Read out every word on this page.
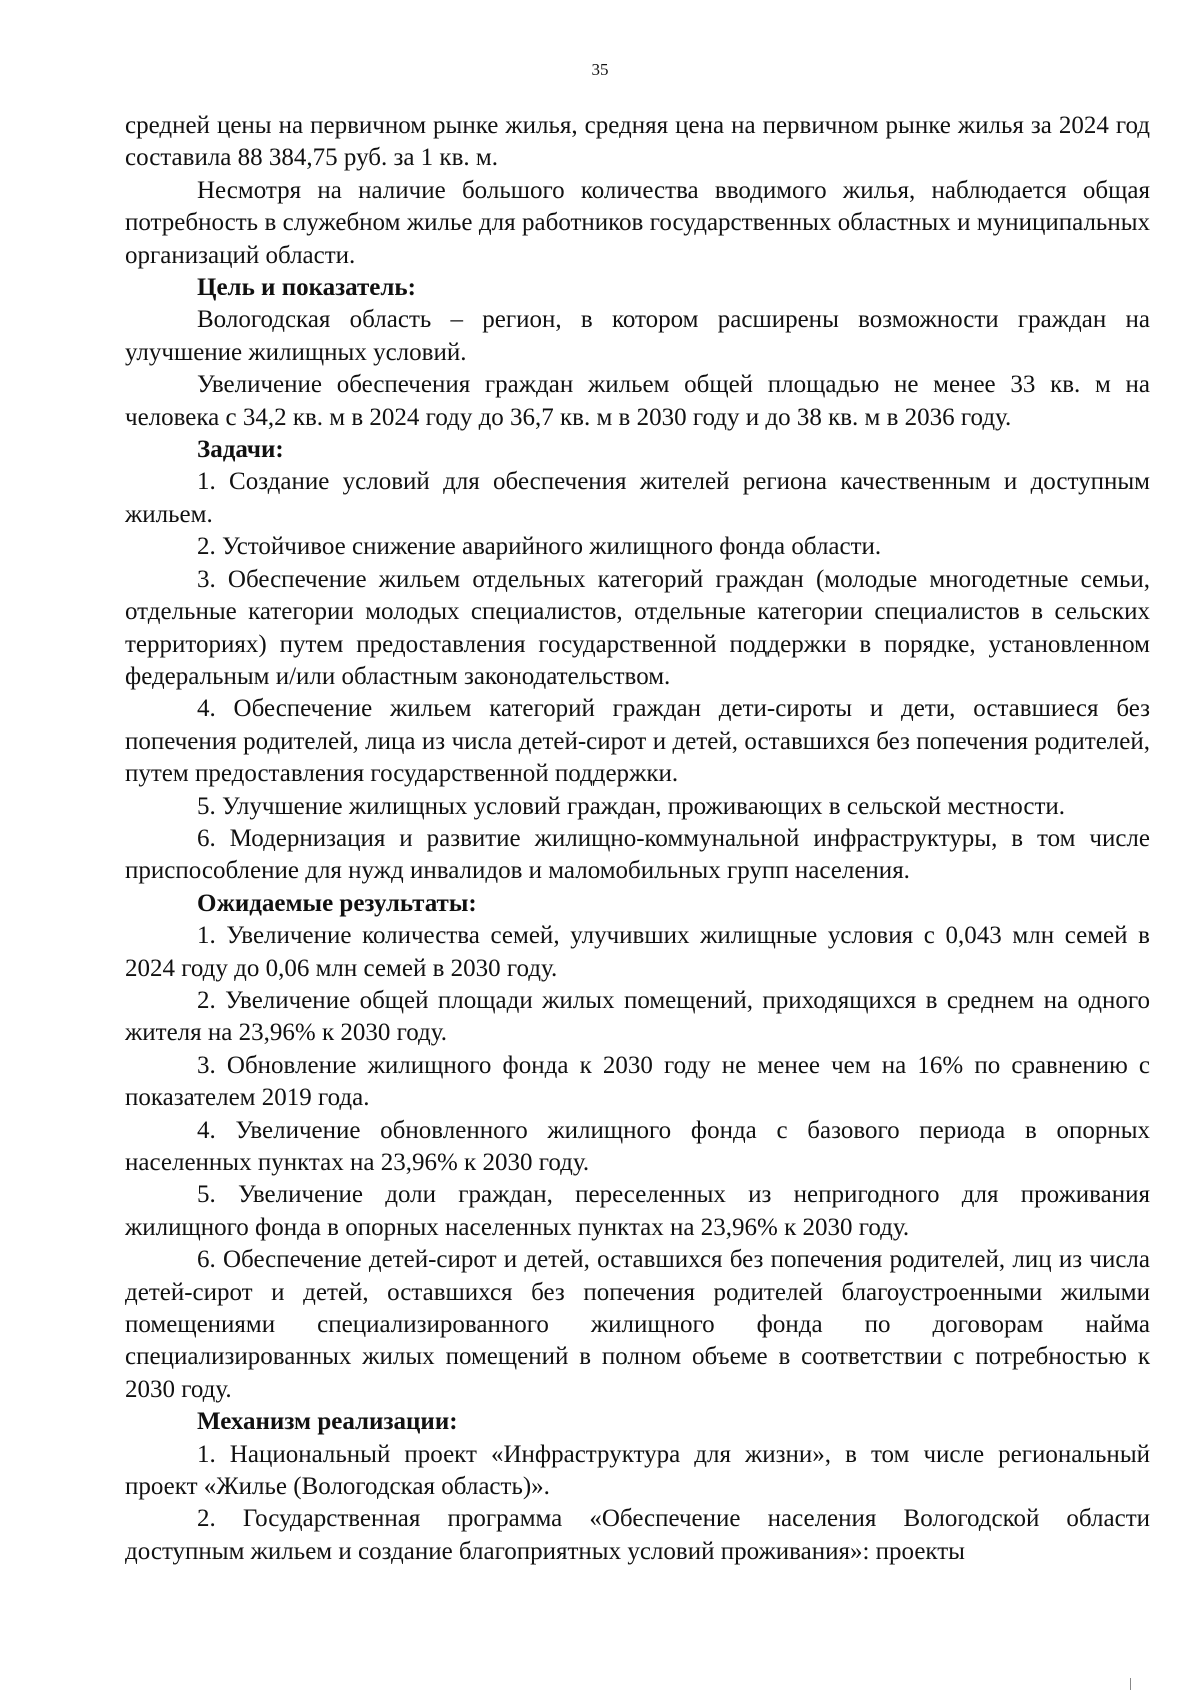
35

средней цены на первичном рынке жилья, средняя цена на первичном рынке жилья за 2024 год составила 88 384,75 руб. за 1 кв. м.

Несмотря на наличие большого количества вводимого жилья, наблюдается общая потребность в служебном жилье для работников государственных областных и муниципальных организаций области.

Цель и показатель:

Вологодская область – регион, в котором расширены возможности граждан на улучшение жилищных условий.

Увеличение обеспечения граждан жильем общей площадью не менее 33 кв. м на человека с 34,2 кв. м в 2024 году до 36,7 кв. м в 2030 году и до 38 кв. м в 2036 году.

Задачи:

1. Создание условий для обеспечения жителей региона качественным и доступным жильем.

2. Устойчивое снижение аварийного жилищного фонда области.

3. Обеспечение жильем отдельных категорий граждан (молодые многодетные семьи, отдельные категории молодых специалистов, отдельные категории специалистов в сельских территориях) путем предоставления государственной поддержки в порядке, установленном федеральным и/или областным законодательством.

4. Обеспечение жильем категорий граждан дети-сироты и дети, оставшиеся без попечения родителей, лица из числа детей-сирот и детей, оставшихся без попечения родителей, путем предоставления государственной поддержки.

5. Улучшение жилищных условий граждан, проживающих в сельской местности.

6. Модернизация и развитие жилищно-коммунальной инфраструктуры, в том числе приспособление для нужд инвалидов и маломобильных групп населения.

Ожидаемые результаты:

1. Увеличение количества семей, улучивших жилищные условия с 0,043 млн семей в 2024 году до 0,06 млн семей в 2030 году.

2. Увеличение общей площади жилых помещений, приходящихся в среднем на одного жителя на 23,96% к 2030 году.

3. Обновление жилищного фонда к 2030 году не менее чем на 16% по сравнению с показателем 2019 года.

4. Увеличение обновленного жилищного фонда с базового периода в опорных населенных пунктах на 23,96% к 2030 году.

5. Увеличение доли граждан, переселенных из непригодного для проживания жилищного фонда в опорных населенных пунктах на 23,96% к 2030 году.

6. Обеспечение детей-сирот и детей, оставшихся без попечения родителей, лиц из числа детей-сирот и детей, оставшихся без попечения родителей благоустроенными жилыми помещениями специализированного жилищного фонда по договорам найма специализированных жилых помещений в полном объеме в соответствии с потребностью к 2030 году.

Механизм реализации:

1. Национальный проект «Инфраструктура для жизни», в том числе региональный проект «Жилье (Вологодская область)».

2. Государственная программа «Обеспечение населения Вологодской области доступным жильем и создание благоприятных условий проживания»: проекты
